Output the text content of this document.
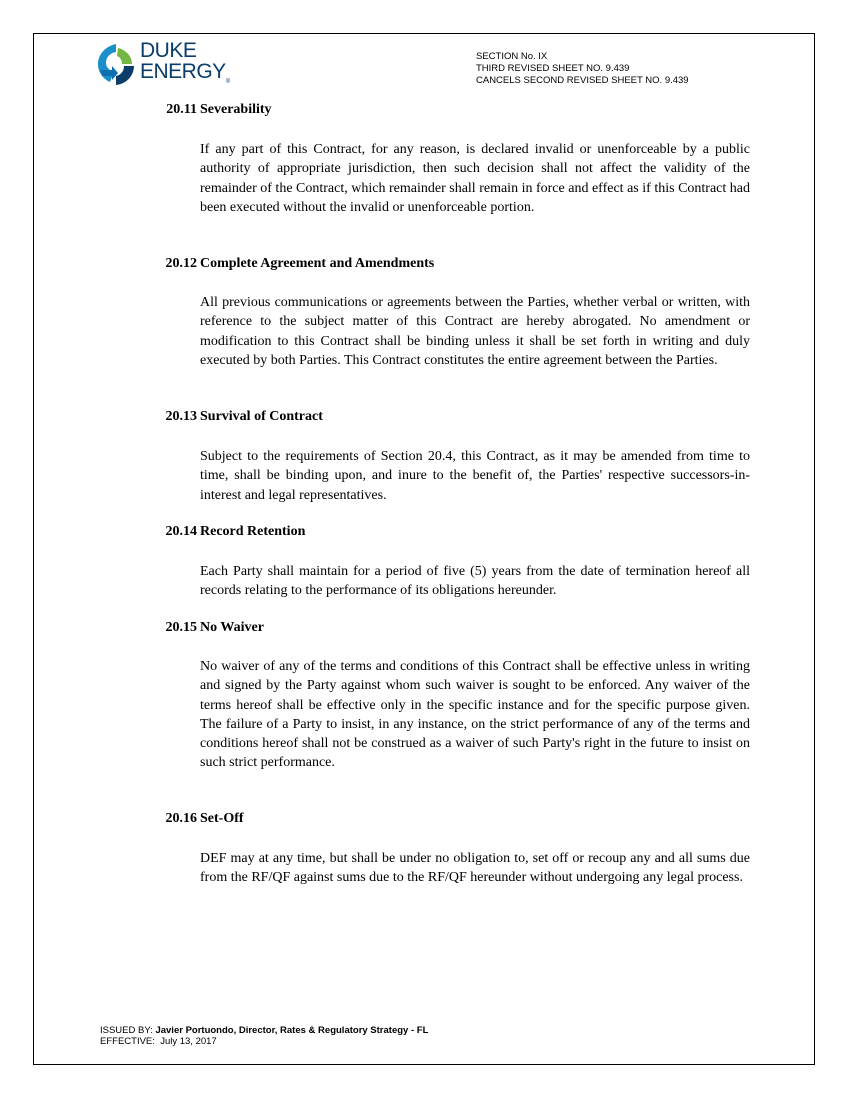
DUKE
$ENERGY_®$
SECTION No. IX
THIRD REVISED SHEET NO. 9.439
CANCELS SECOND REVISED SHEET NO. 9.439
20.11 Severability
If any part of this Contract, for any reason, is declared invalid or unenforceable by a public authority of appropriate jurisdiction, then such decision shall not affect the validity of the remainder of the Contract, which remainder shall remain in force and effect as if this Contract had been executed without the invalid or unenforceable portion.
20.12 Complete Agreement and Amendments
All previous communications or agreements between the Parties, whether verbal or written, with reference to the subject matter of this Contract are hereby abrogated. No amendment or modification to this Contract shall be binding unless it shall be set forth in writing and duly executed by both Parties. This Contract constitutes the entire agreement between the Parties.
20.13 Survival of Contract
Subject to the requirements of Section 20.4, this Contract, as it may be amended from time to time, shall be binding upon, and inure to the benefit of, the Parties' respective successors-in-interest and legal representatives.
20.14 Record Retention
Each Party shall maintain for a period of five (5) years from the date of termination hereof all records relating to the performance of its obligations hereunder.
20.15 No Waiver
No waiver of any of the terms and conditions of this Contract shall be effective unless in writing and signed by the Party against whom such waiver is sought to be enforced. Any waiver of the terms hereof shall be effective only in the specific instance and for the specific purpose given. The failure of a Party to insist, in any instance, on the strict performance of any of the terms and conditions hereof shall not be construed as a waiver of such Party's right in the future to insist on such strict performance.
20.16 Set-Off
DEF may at any time, but shall be under no obligation to, set off or recoup any and all sums due from the RF/QF against sums due to the RF/QF hereunder without undergoing any legal process.
ISSUED BY: Javier Portuondo, Director, Rates & Regulatory Strategy - FL
EFFECTIVE: July 13, 2017
